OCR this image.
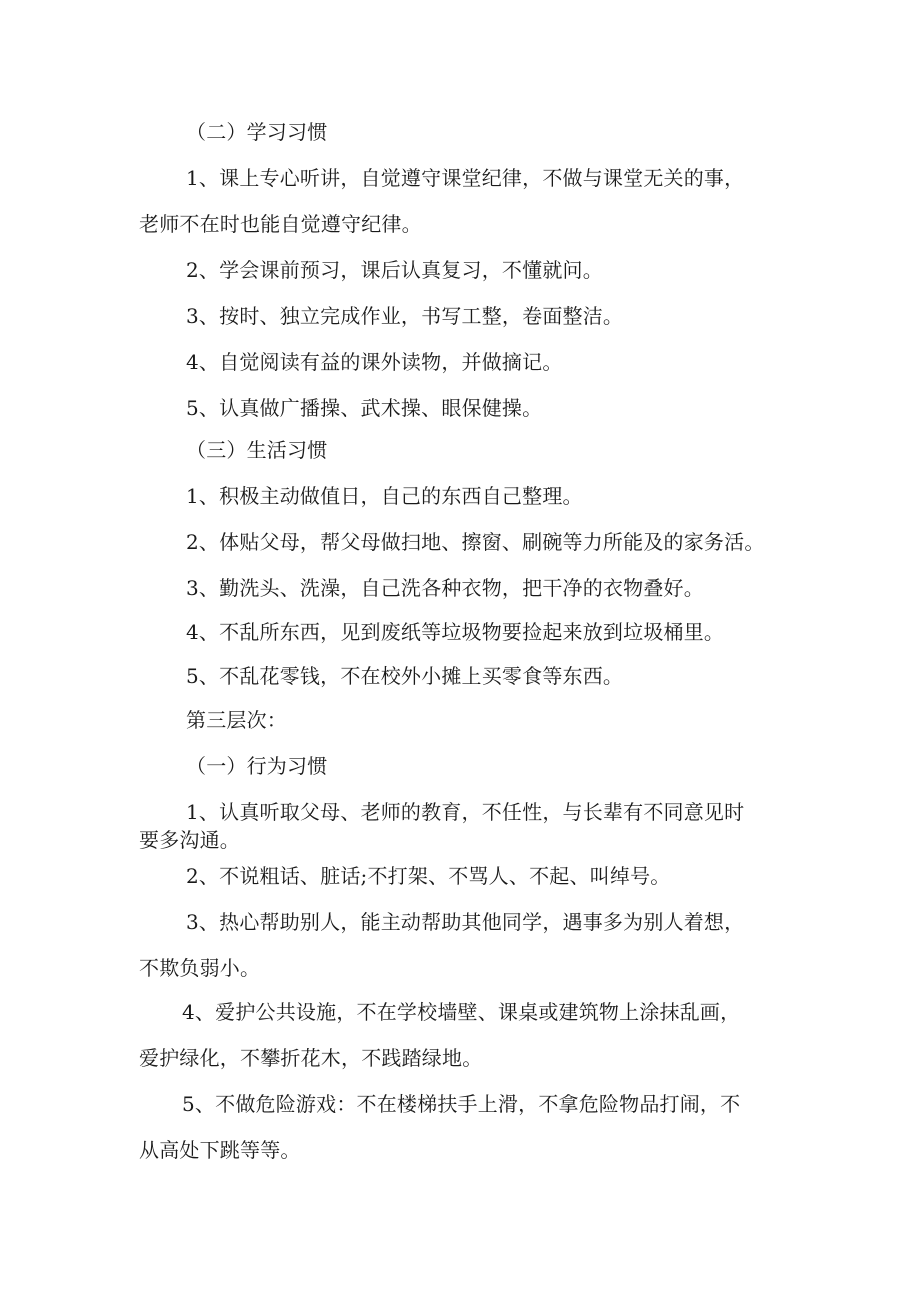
（二）学习习惯

1、课上专心听讲，自觉遵守课堂纪律，不做与课堂无关的事，

老师不在时也能自觉遵守纪律。

2、学会课前预习，课后认真复习，不懂就问。

3、按时、独立完成作业，书写工整，卷面整洁。

4、自觉阅读有益的课外读物，并做摘记。

5、认真做广播操、武术操、眼保健操。

（三）生活习惯

1、积极主动做值日，自己的东西自己整理。

2、体贴父母，帮父母做扫地、擦窗、刷碗等力所能及的家务活。

3、勤洗头、洗澡，自己洗各种衣物，把干净的衣物叠好。

4、不乱所东西，见到废纸等垃圾物要捡起来放到垃圾桶里。

5、不乱花零钱，不在校外小摊上买零食等东西。

第三层次：

（一）行为习惯

1、认真听取父母、老师的教育，不任性，与长辈有不同意见时

要多沟通。

2、不说粗话、脏话;不打架、不骂人、不起、叫绰号。

3、热心帮助别人，能主动帮助其他同学，遇事多为别人着想，

不欺负弱小。

4、爱护公共设施，不在学校墙壁、课桌或建筑物上涂抹乱画，

爱护绿化，不攀折花木，不践踏绿地。

5、不做危险游戏：不在楼梯扶手上滑，不拿危险物品打闹，不

从高处下跳等等。
